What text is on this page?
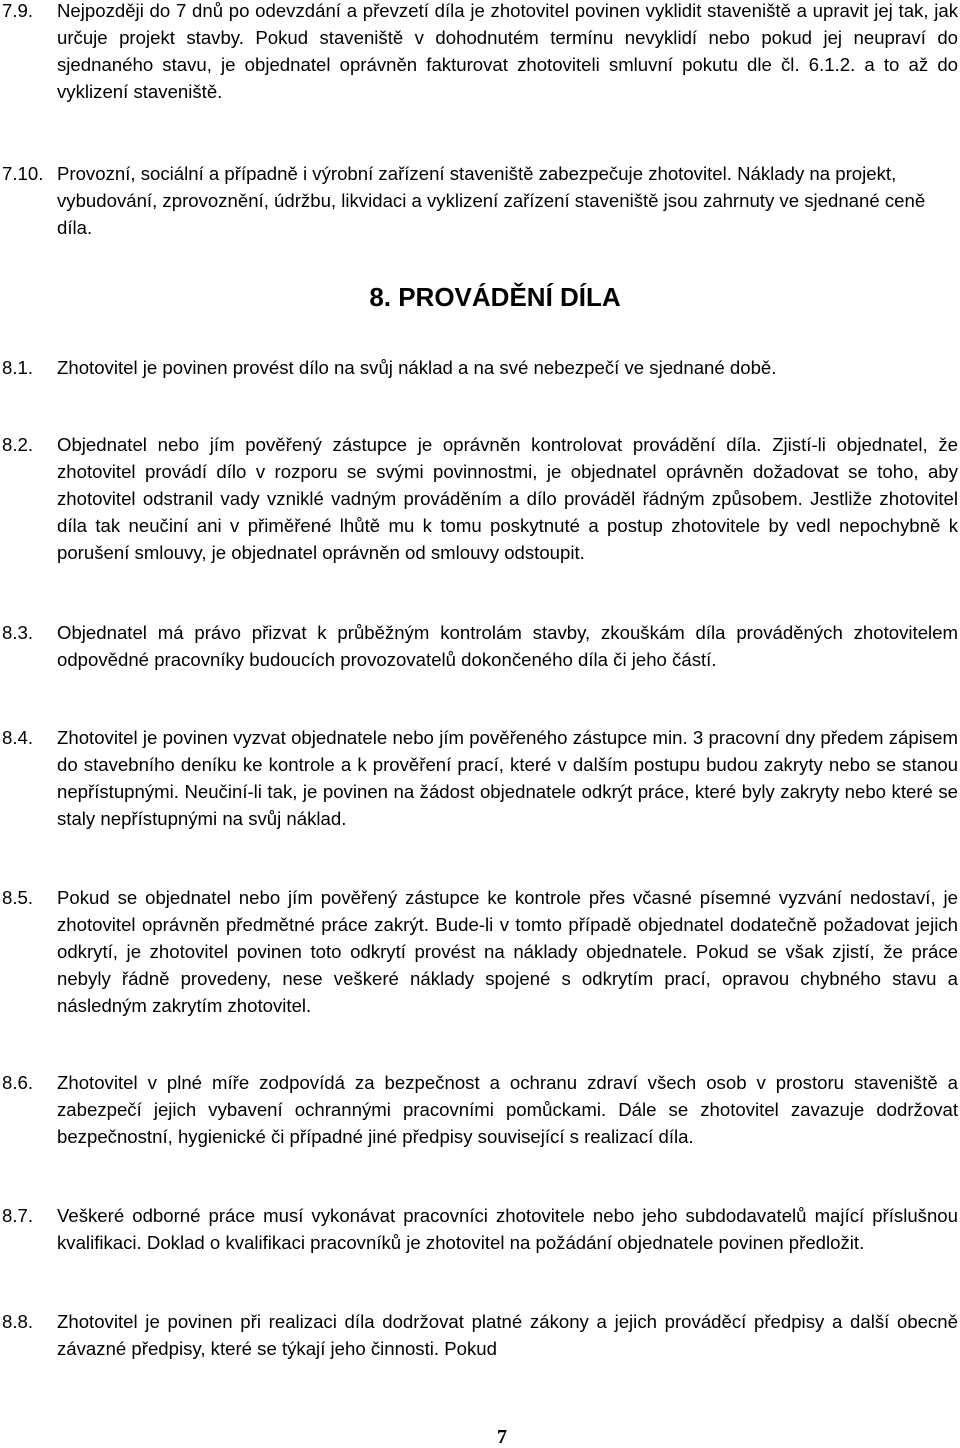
7.9. Nejpozději do 7 dnů po odevzdání a převzetí díla je zhotovitel povinen vyklidit staveniště a upravit jej tak, jak určuje projekt stavby. Pokud staveniště v dohodnutém termínu nevyklidí nebo pokud jej neupraví do sjednaného stavu, je objednatel oprávněn fakturovat zhotoviteli smluvní pokutu dle čl. 6.1.2. a to až do vyklizení staveniště.
7.10. Provozní, sociální a případně i výrobní zařízení staveniště zabezpečuje zhotovitel. Náklady na projekt, vybudování, zprovoznění, údržbu, likvidaci a vyklizení zařízení staveniště jsou zahrnuty ve sjednané ceně díla.
8. PROVÁDĚNÍ DÍLA
8.1. Zhotovitel je povinen provést dílo na svůj náklad a na své nebezpečí ve sjednané době.
8.2. Objednatel nebo jím pověřený zástupce je oprávněn kontrolovat provádění díla. Zjistí-li objednatel, že zhotovitel provádí dílo v rozporu se svými povinnostmi, je objednatel oprávněn dožadovat se toho, aby zhotovitel odstranil vady vzniklé vadným prováděním a dílo prováděl řádným způsobem. Jestliže zhotovitel díla tak neučiní ani v přiměřené lhůtě mu k tomu poskytnuté a postup zhotovitele by vedl nepochybně k porušení smlouvy, je objednatel oprávněn od smlouvy odstoupit.
8.3. Objednatel má právo přizvat k průběžným kontrolám stavby, zkouškám díla prováděných zhotovitelem odpovědné pracovníky budoucích provozovatelů dokončeného díla či jeho částí.
8.4. Zhotovitel je povinen vyzvat objednatele nebo jím pověřeného zástupce min. 3 pracovní dny předem zápisem do stavebního deníku ke kontrole a k prověření prací, které v dalším postupu budou zakryty nebo se stanou nepřístupnými. Neučiní-li tak, je povinen na žádost objednatele odkrýt práce, které byly zakryty nebo které se staly nepřístupnými na svůj náklad.
8.5. Pokud se objednatel nebo jím pověřený zástupce ke kontrole přes včasné písemné vyzvání nedostaví, je zhotovitel oprávněn předmětné práce zakrýt. Bude-li v tomto případě objednatel dodatečně požadovat jejich odkrytí, je zhotovitel povinen toto odkrytí provést na náklady objednatele. Pokud se však zjistí, že práce nebyly řádně provedeny, nese veškeré náklady spojené s odkrytím prací, opravou chybného stavu a následným zakrytím zhotovitel.
8.6. Zhotovitel v plné míře zodpovídá za bezpečnost a ochranu zdraví všech osob v prostoru staveniště a zabezpečí jejich vybavení ochrannými pracovními pomůckami. Dále se zhotovitel zavazuje dodržovat bezpečnostní, hygienické či případné jiné předpisy související s realizací díla.
8.7. Veškeré odborné práce musí vykonávat pracovníci zhotovitele nebo jeho subdodavatelů mající příslušnou kvalifikaci. Doklad o kvalifikaci pracovníků je zhotovitel na požádání objednatele povinen předložit.
8.8. Zhotovitel je povinen při realizaci díla dodržovat platné zákony a jejich prováděcí předpisy a další obecně závazné předpisy, které se týkají jeho činnosti. Pokud
7
